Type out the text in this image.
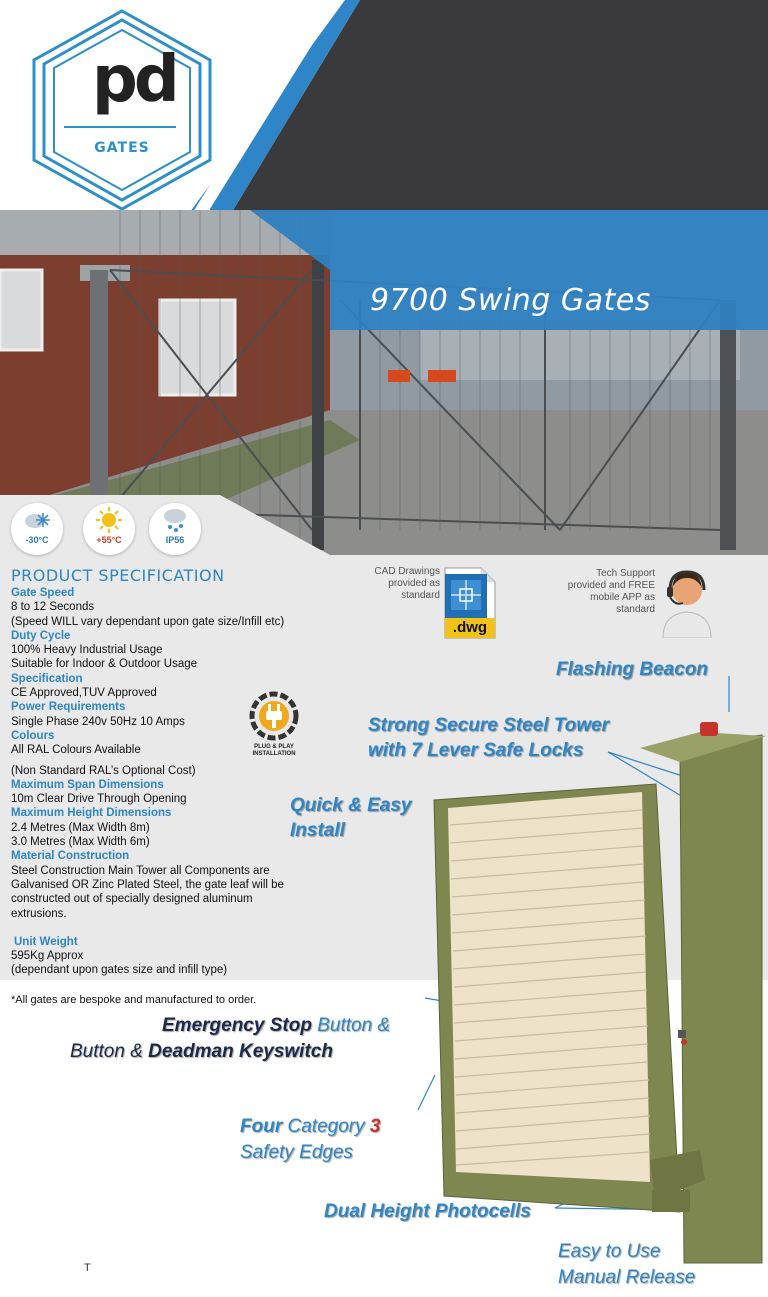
pd
GATES
9700 Swing Gates
-30°C	+55°C	IP56
PRODUCT SPECIFICATION
Gate Speed
8 to 12 Seconds
(Speed WILL vary dependant upon gate size/Infill etc)
Duty Cycle
100% Heavy Industrial Usage
Suitable for Indoor & Outdoor Usage
Specification
CE Approved,TUV Approved
Power Requirements
Single Phase 240v 50Hz 10 Amps
Colours
All RAL Colours Available
(Non Standard RAL’s Optional Cost)
Maximum Span Dimensions
10m Clear Drive Through Opening
Maximum Height Dimensions
2.4 Metres (Max Width 8m)
3.0 Metres (Max Width 6m)
Material Construction
Steel Construction Main Tower all Components are
Galvanised OR Zinc Plated Steel, the gate leaf will be
constructed out of specially designed aluminum
extrusions.
Unit Weight
595Kg Approx
(dependant upon gates size and infill type)
PLUG & PLAY
INSTALLATION
CAD Drawings
provided as
standard
.dwg
Tech Support
provided and FREE
mobile APP as
standard
Flashing Beacon
Strong Secure Steel Tower
with 7 Lever Safe Locks
Quick & Easy
Install
Emergency Stop Button &
Button & Deadman Keyswitch
Four Category 3
Safety Edges
Dual Height Photocells
Easy to Use
Manual Release
*All gates are bespoke and manufactured to order.
T
